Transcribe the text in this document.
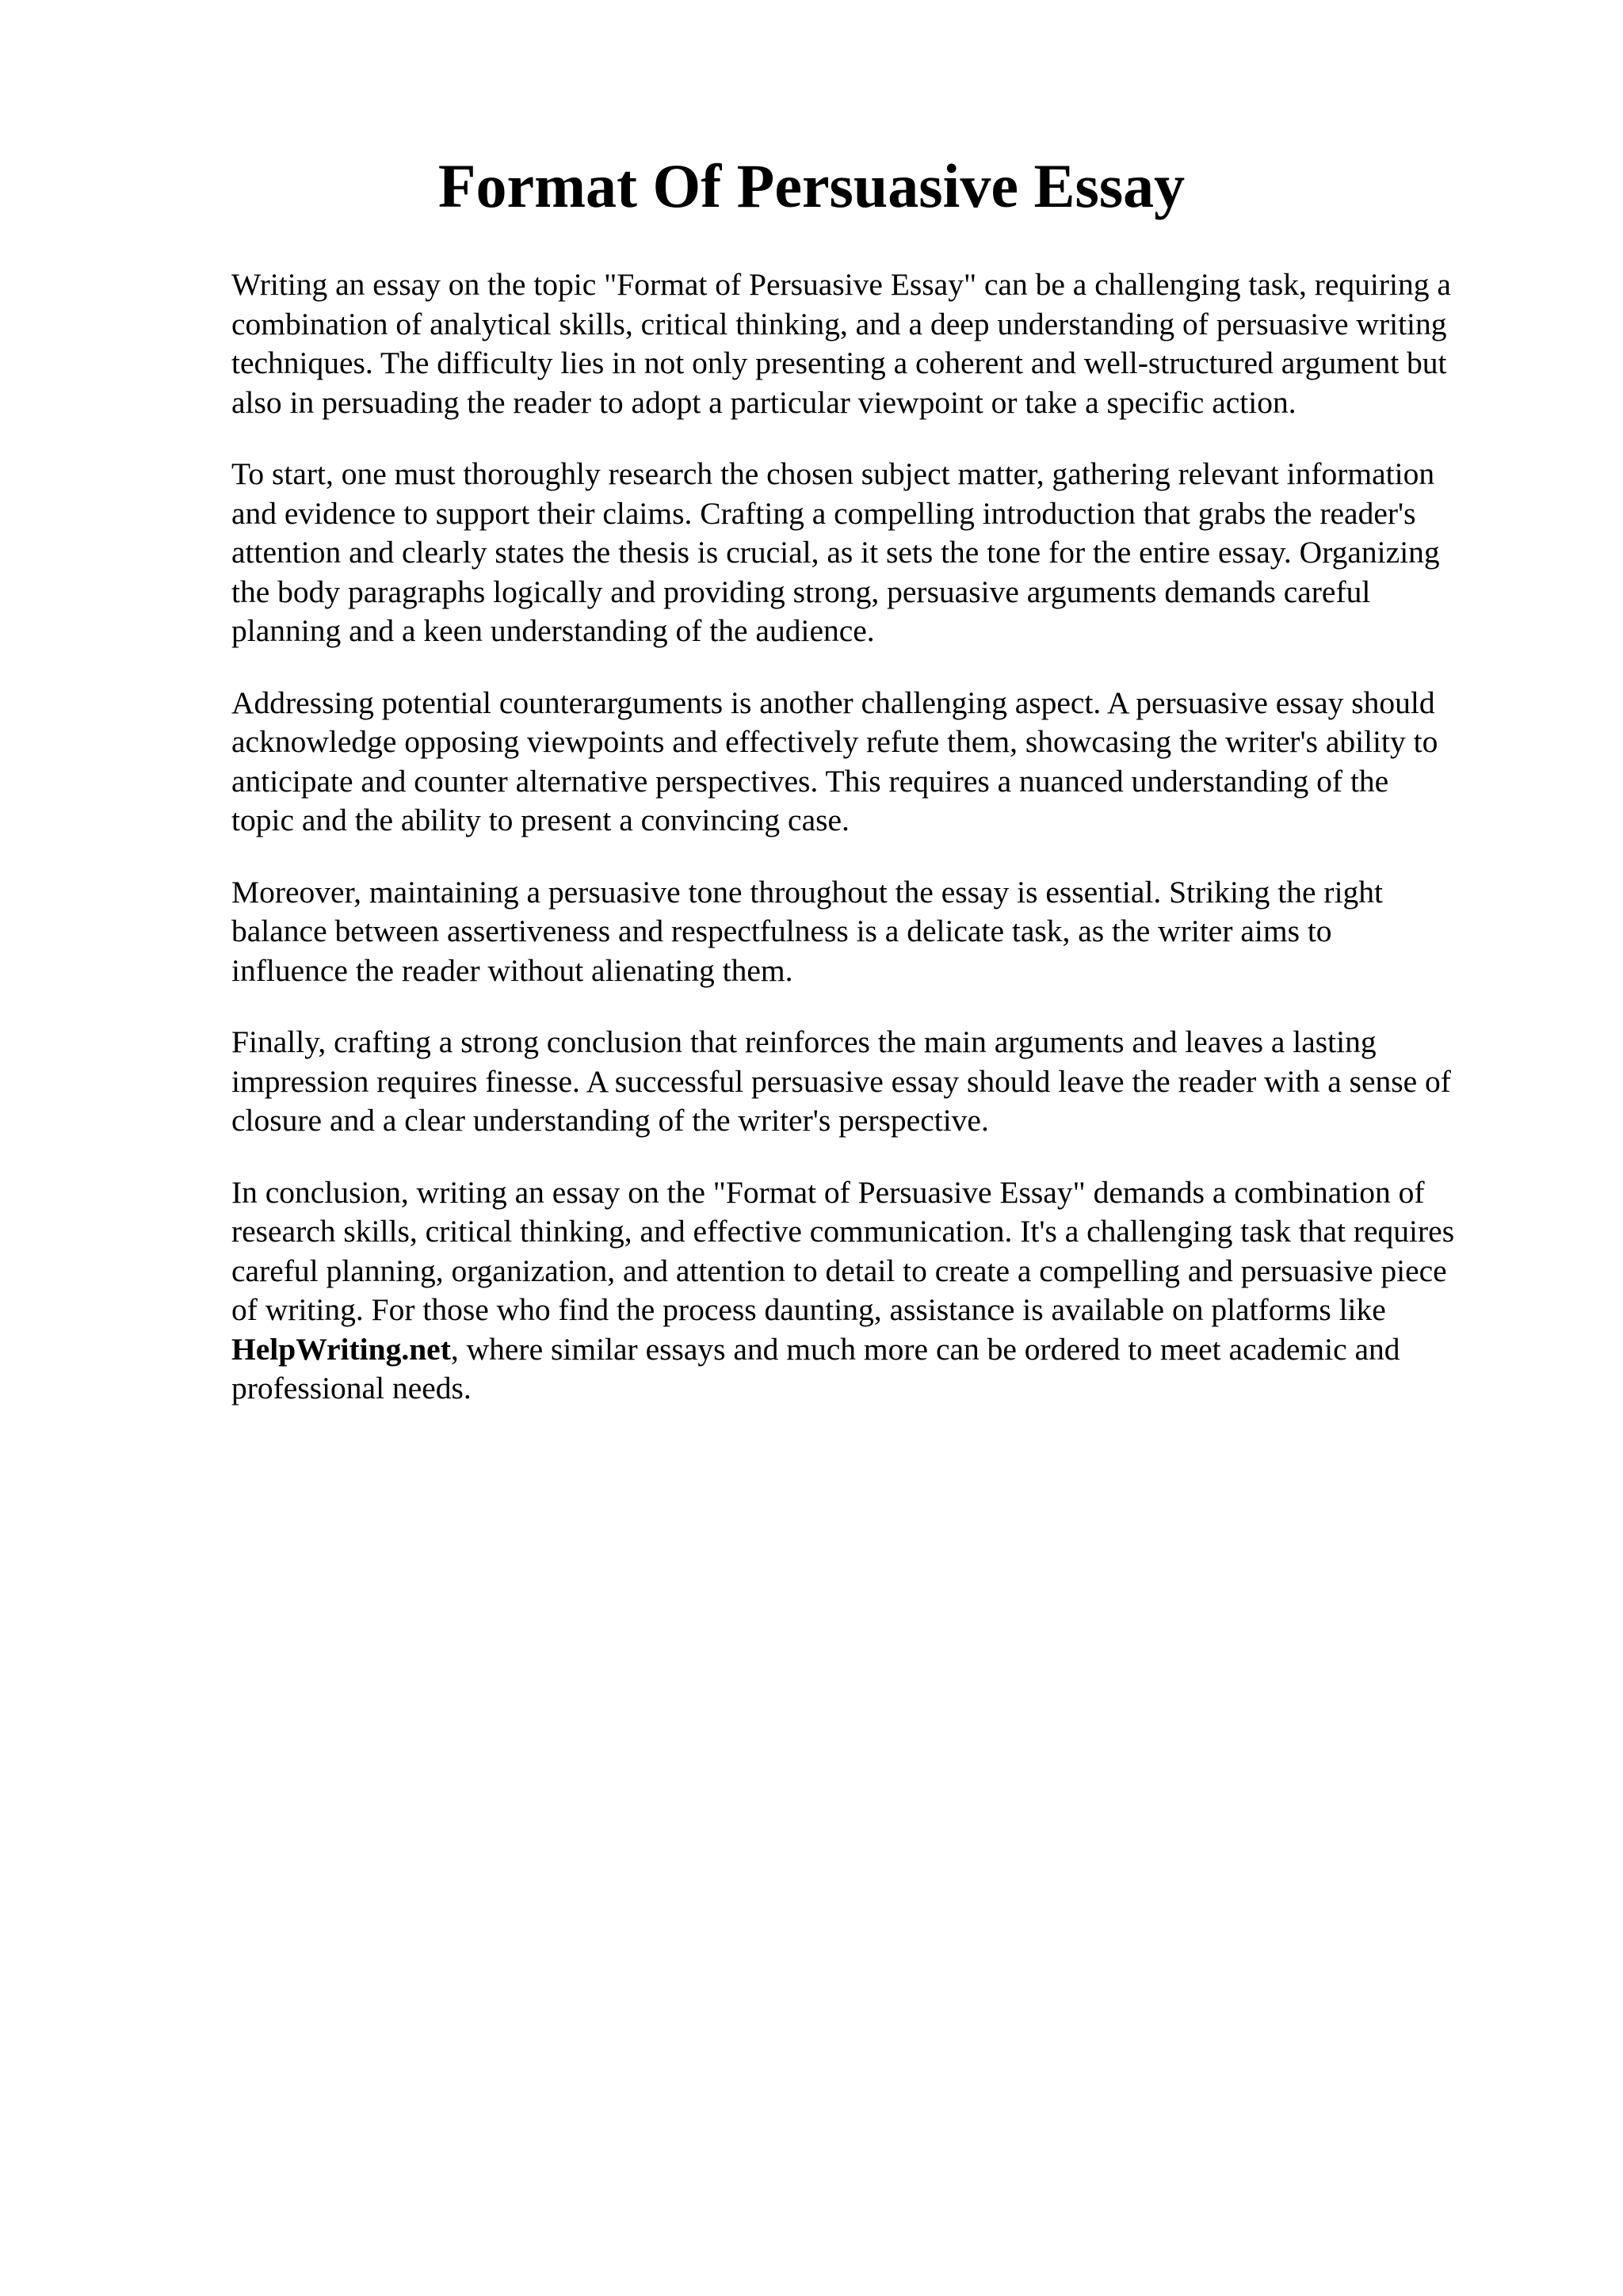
Format Of Persuasive Essay

Writing an essay on the topic "Format of Persuasive Essay" can be a challenging task, requiring a
combination of analytical skills, critical thinking, and a deep understanding of persuasive writing
techniques. The difficulty lies in not only presenting a coherent and well-structured argument but
also in persuading the reader to adopt a particular viewpoint or take a specific action.

To start, one must thoroughly research the chosen subject matter, gathering relevant information
and evidence to support their claims. Crafting a compelling introduction that grabs the reader's
attention and clearly states the thesis is crucial, as it sets the tone for the entire essay. Organizing
the body paragraphs logically and providing strong, persuasive arguments demands careful
planning and a keen understanding of the audience.

Addressing potential counterarguments is another challenging aspect. A persuasive essay should
acknowledge opposing viewpoints and effectively refute them, showcasing the writer's ability to
anticipate and counter alternative perspectives. This requires a nuanced understanding of the
topic and the ability to present a convincing case.

Moreover, maintaining a persuasive tone throughout the essay is essential. Striking the right
balance between assertiveness and respectfulness is a delicate task, as the writer aims to
influence the reader without alienating them.

Finally, crafting a strong conclusion that reinforces the main arguments and leaves a lasting
impression requires finesse. A successful persuasive essay should leave the reader with a sense of
closure and a clear understanding of the writer's perspective.

In conclusion, writing an essay on the "Format of Persuasive Essay" demands a combination of
research skills, critical thinking, and effective communication. It's a challenging task that requires
careful planning, organization, and attention to detail to create a compelling and persuasive piece
of writing. For those who find the process daunting, assistance is available on platforms like
HelpWriting.net, where similar essays and much more can be ordered to meet academic and
professional needs.
